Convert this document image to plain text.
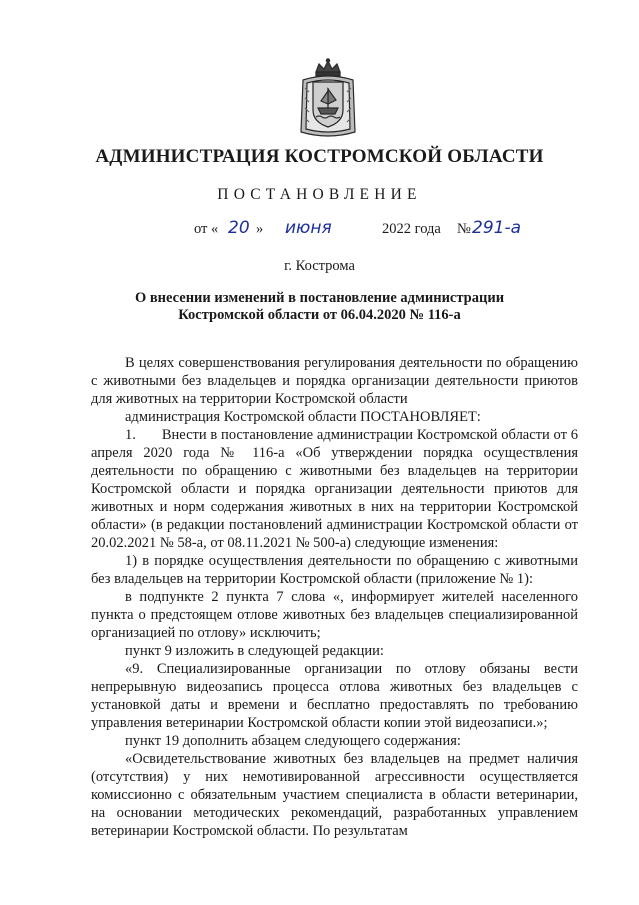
АДМИНИСТРАЦИЯ КОСТРОМСКОЙ ОБЛАСТИ
ПОСТАНОВЛЕНИЕ
от « 20 » июня	2022 года № 291-а
г. Кострома
О внесении изменений в постановление администрации
Костромской области от 06.04.2020 № 116-а
В целях совершенствования регулирования деятельности по обращению с животными без владельцев и порядка организации деятельности приютов для животных на территории Костромской области
администрация Костромской области ПОСТАНОВЛЯЕТ:
1. Внести в постановление администрации Костромской области от 6 апреля 2020 года № 116-а «Об утверждении порядка осуществления деятельности по обращению с животными без владельцев на территории Костромской области и порядка организации деятельности приютов для животных и норм содержания животных в них на территории Костромской области» (в редакции постановлений администрации Костромской области от 20.02.2021 № 58-а, от 08.11.2021 № 500-а) следующие изменения:
1) в порядке осуществления деятельности по обращению с животными без владельцев на территории Костромской области (приложение № 1):
в подпункте 2 пункта 7 слова «, информирует жителей населенного пункта о предстоящем отлове животных без владельцев специализированной организацией по отлову» исключить;
пункт 9 изложить в следующей редакции:
«9. Специализированные организации по отлову обязаны вести непрерывную видеозапись процесса отлова животных без владельцев с установкой даты и времени и бесплатно предоставлять по требованию управления ветеринарии Костромской области копии этой видеозаписи.»;
пункт 19 дополнить абзацем следующего содержания:
«Освидетельствование животных без владельцев на предмет наличия (отсутствия) у них немотивированной агрессивности осуществляется комиссионно с обязательным участием специалиста в области ветеринарии, на основании методических рекомендаций, разработанных управлением ветеринарии Костромской области. По результатам
